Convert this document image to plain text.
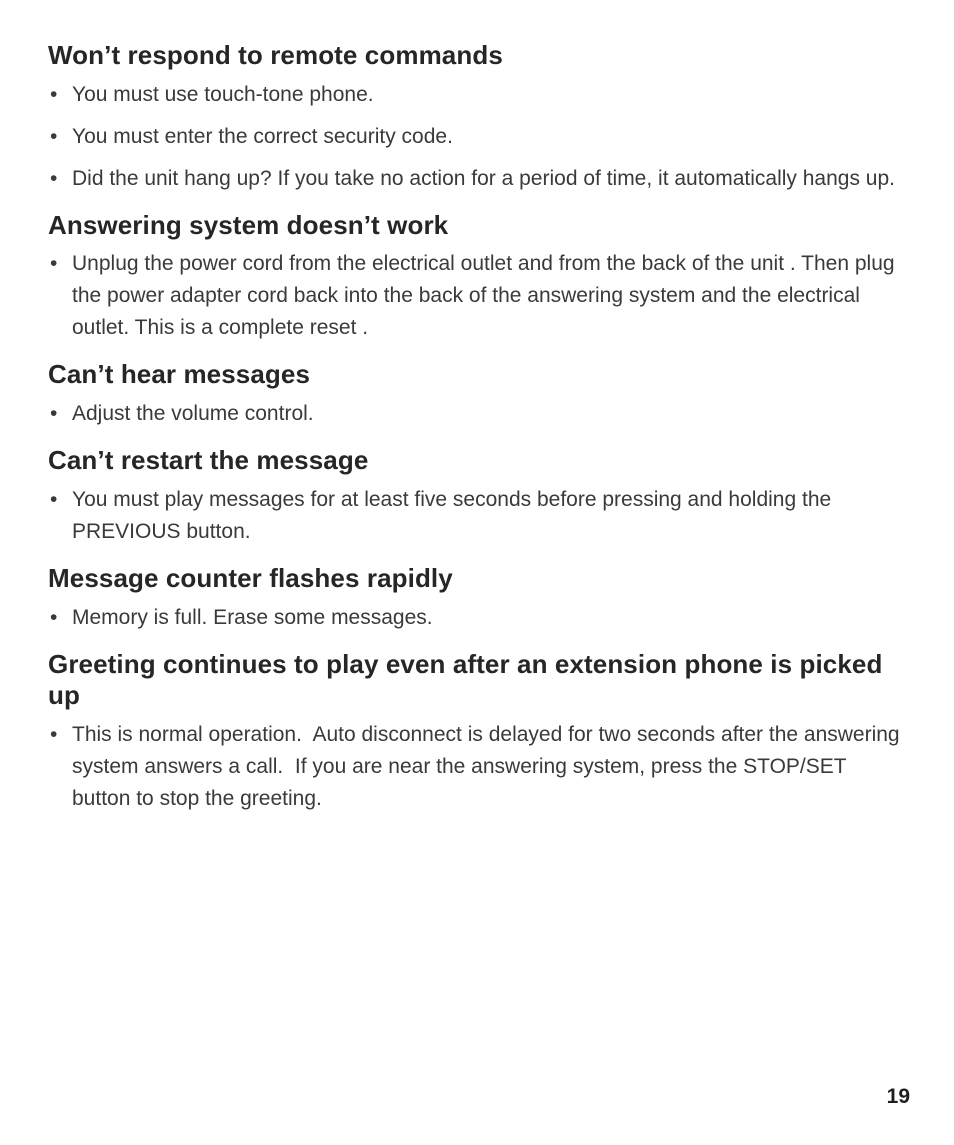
Won’t respond to remote commands
• You must use touch-tone phone.
• You must enter the correct security code.
• Did the unit hang up? If you take no action for a period of time, it automatically hangs up.
Answering system doesn’t work
• Unplug the power cord from the electrical outlet and from the back of the unit . Then plug the power adapter cord back into the back of the answering system and the electrical outlet. This is a complete reset .
Can’t hear messages
• Adjust the volume control.
Can’t restart the message
• You must play messages for at least five seconds before pressing and holding the PREVIOUS button.
Message counter flashes rapidly
• Memory is full. Erase some messages.
Greeting continues to play even after an extension phone is picked up
• This is normal operation.  Auto disconnect is delayed for two seconds after the answering system answers a call.  If you are near the answering system, press the STOP/SET button to stop the greeting.
19
